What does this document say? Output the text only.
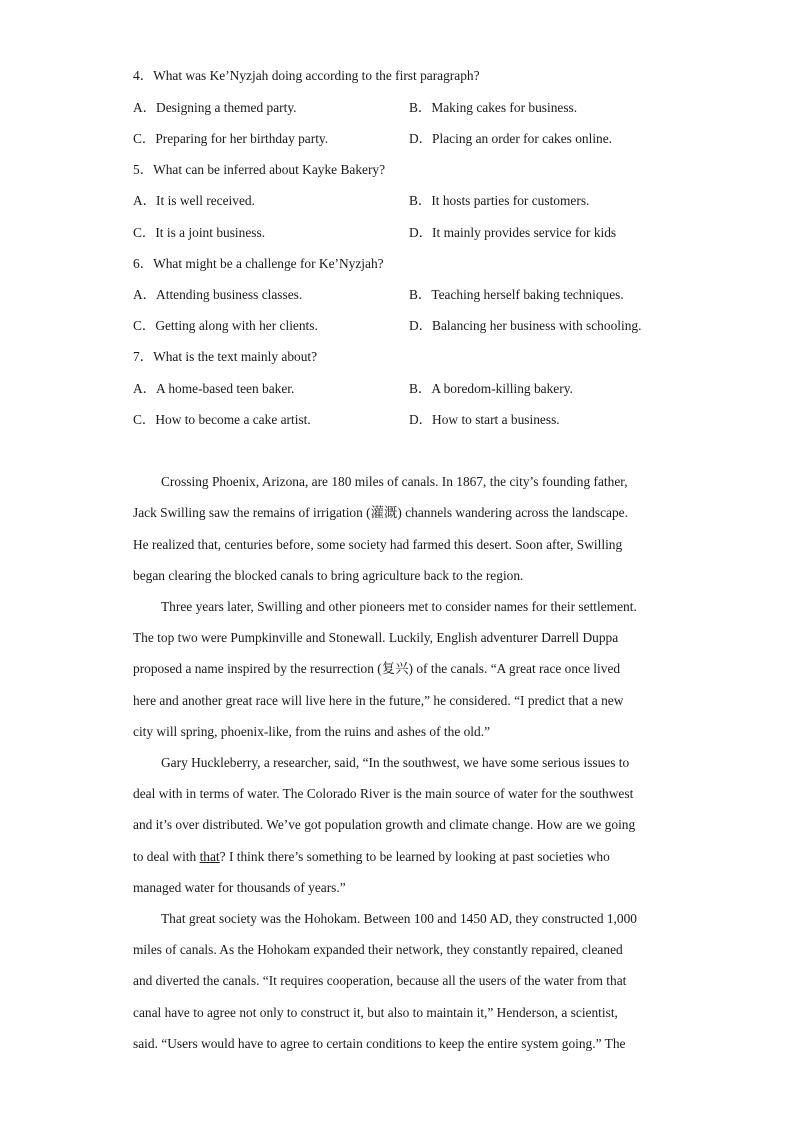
4．What was Ke’Nyzjah doing according to the first paragraph?
A．Designing a themed party.	B．Making cakes for business.
C．Preparing for her birthday party.	D．Placing an order for cakes online.
5．What can be inferred about Kayke Bakery?
A．It is well received.	B．It hosts parties for customers.
C．It is a joint business.	D．It mainly provides service for kids
6．What might be a challenge for Ke’Nyzjah?
A．Attending business classes.	B．Teaching herself baking techniques.
C．Getting along with her clients.	D．Balancing her business with schooling.
7．What is the text mainly about?
A．A home-based teen baker.	B．A boredom-killing bakery.
C．How to become a cake artist.	D．How to start a business.
Crossing Phoenix, Arizona, are 180 miles of canals. In 1867, the city’s founding father,
Jack Swilling saw the remains of irrigation (灌溉) channels wandering across the landscape.
He realized that, centuries before, some society had farmed this desert. Soon after, Swilling
began clearing the blocked canals to bring agriculture back to the region.
Three years later, Swilling and other pioneers met to consider names for their settlement.
The top two were Pumpkinville and Stonewall. Luckily, English adventurer Darrell Duppa
proposed a name inspired by the resurrection (复兴) of the canals. “A great race once lived
here and another great race will live here in the future,” he considered. “I predict that a new
city will spring, phoenix-like, from the ruins and ashes of the old.”
Gary Huckleberry, a researcher, said, “In the southwest, we have some serious issues to
deal with in terms of water. The Colorado River is the main source of water for the southwest
and it’s over distributed. We’ve got population growth and climate change. How are we going
to deal with that? I think there’s something to be learned by looking at past societies who
managed water for thousands of years.”
That great society was the Hohokam. Between 100 and 1450 AD, they constructed 1,000
miles of canals. As the Hohokam expanded their network, they constantly repaired, cleaned
and diverted the canals. “It requires cooperation, because all the users of the water from that
canal have to agree not only to construct it, but also to maintain it,” Henderson, a scientist,
said. “Users would have to agree to certain conditions to keep the entire system going.” The
